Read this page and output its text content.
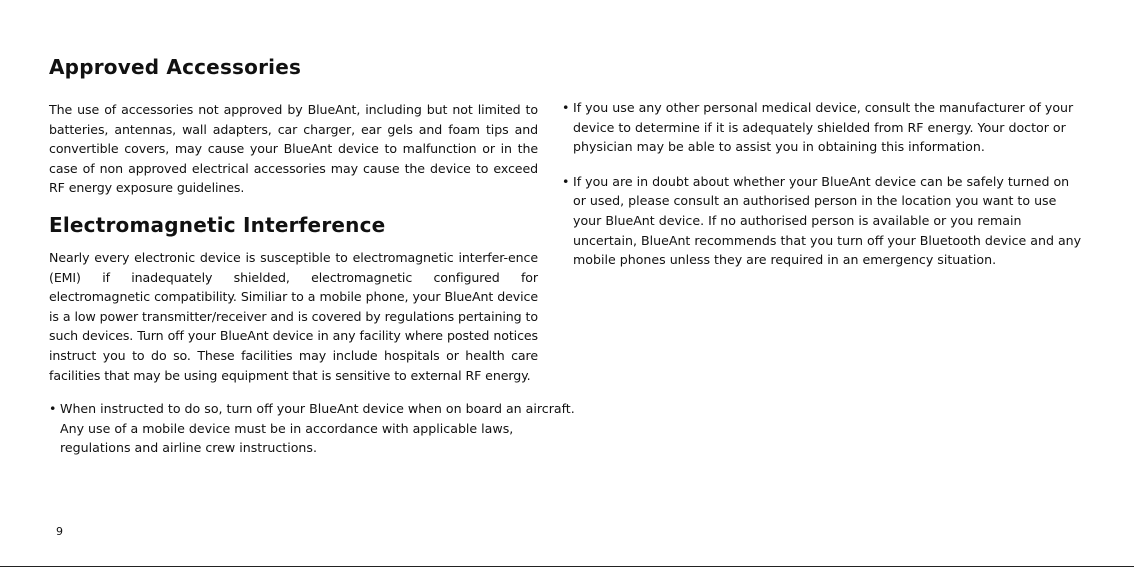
Approved Accessories

The use of accessories not approved by BlueAnt, including but not limited to batteries, antennas, wall adapters, car charger, ear gels and foam tips and convertible covers, may cause your BlueAnt device to malfunction or in the case of non approved electrical accessories may cause the device to exceed RF energy exposure guidelines.

Electromagnetic Interference

Nearly every electronic device is susceptible to electromagnetic interfer-ence (EMI) if inadequately shielded, electromagnetic configured for electromagnetic compatibility. Similiar to a mobile phone, your BlueAnt device is a low power transmitter/receiver and is covered by regulations pertaining to such devices. Turn off your BlueAnt device in any facility where posted notices instruct you to do so. These facilities may include hospitals or health care facilities that may be using equipment that is sensitive to external RF energy.

• When instructed to do so, turn off your BlueAnt device when on board an aircraft. Any use of a mobile device must be in accordance with applicable laws, regulations and airline crew instructions.
• If you use any other personal medical device, consult the manufacturer of your device to determine if it is adequately shielded from RF energy. Your doctor or physician may be able to assist you in obtaining this information.
• If you are in doubt about whether your BlueAnt device can be safely turned on or used, please consult an authorised person in the location you want to use your BlueAnt device. If no authorised person is available or you remain uncertain, BlueAnt recommends that you turn off your Bluetooth device and any mobile phones unless they are required in an emergency situation.
9
